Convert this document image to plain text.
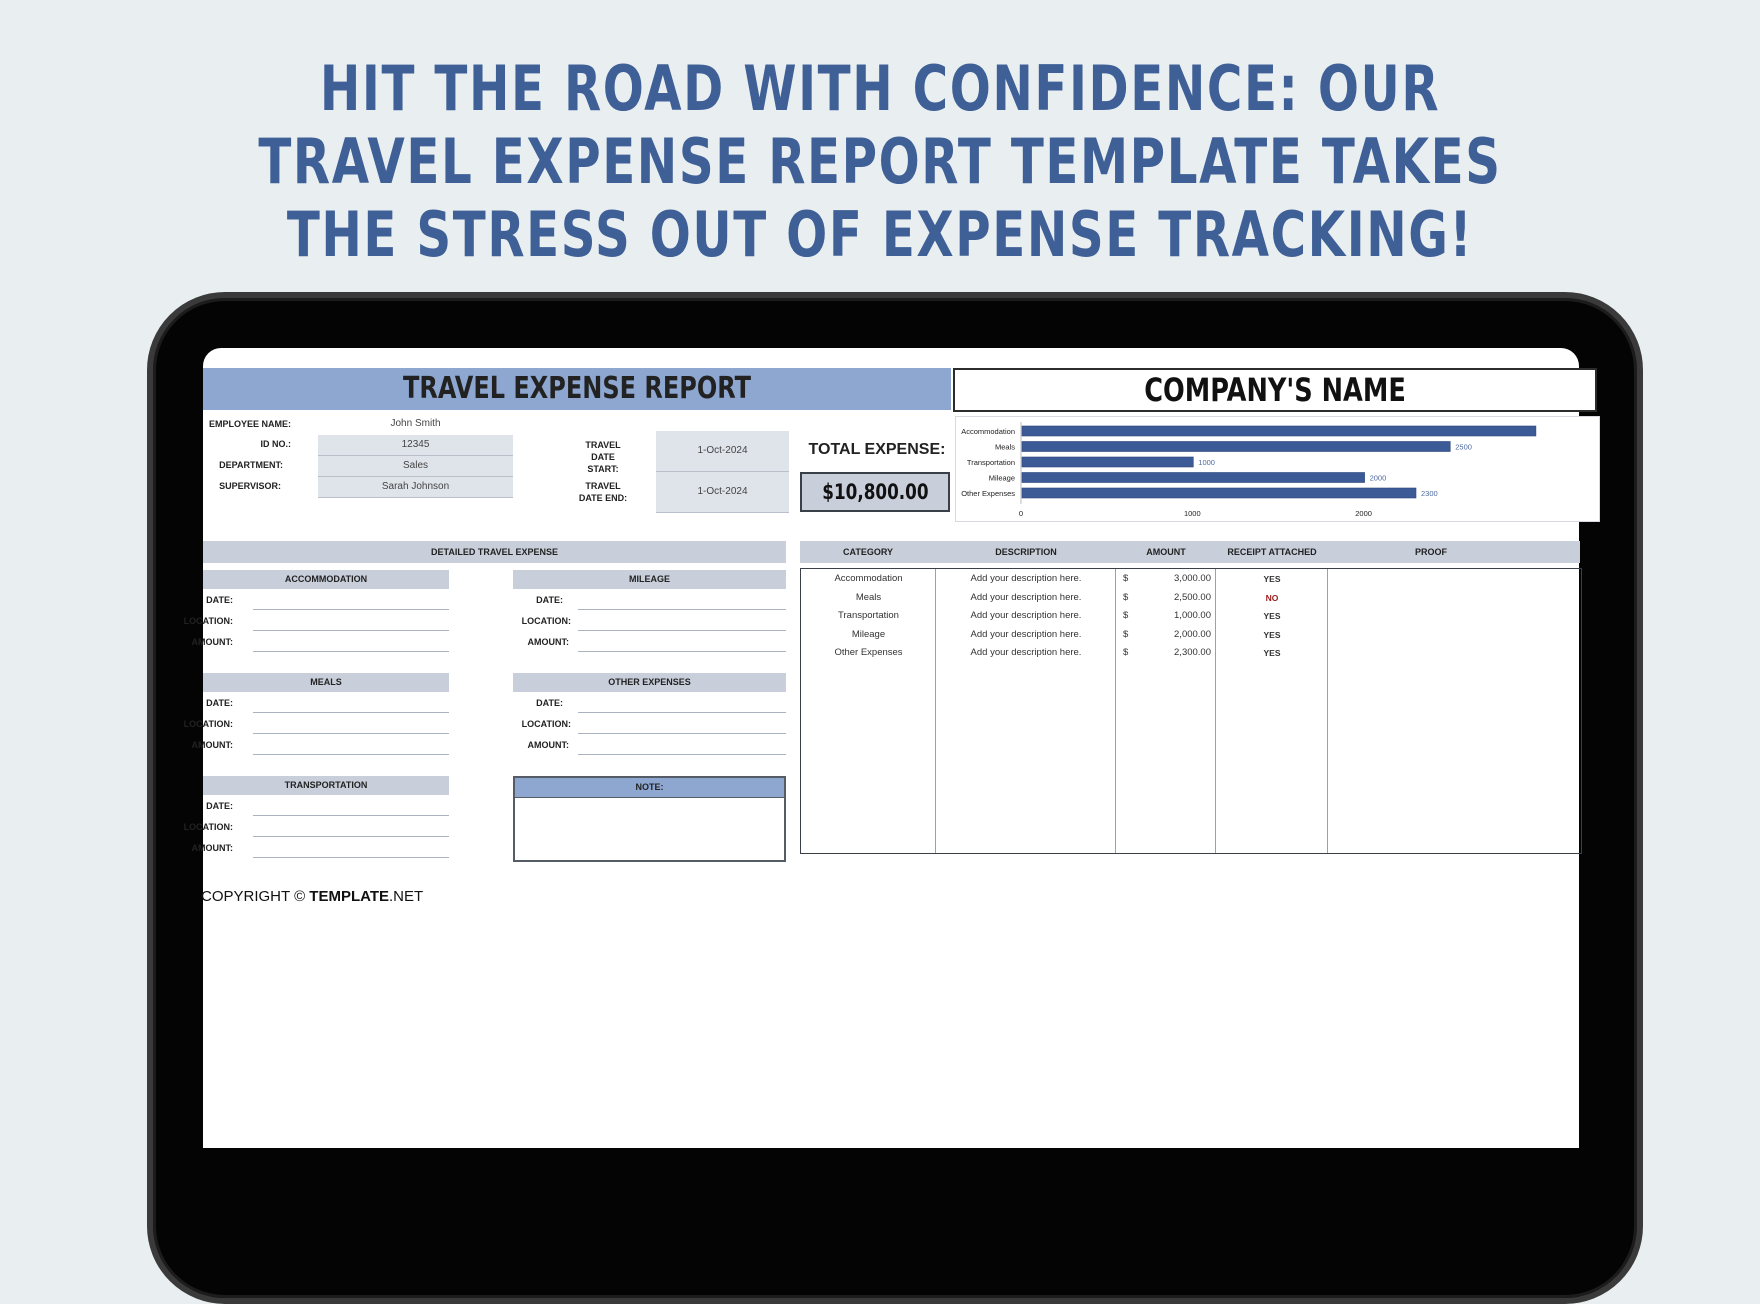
HIT THE ROAD WITH CONFIDENCE: OUR
TRAVEL EXPENSE REPORT TEMPLATE TAKES
THE STRESS OUT OF EXPENSE TRACKING!
TRAVEL EXPENSE REPORT	COMPANY'S NAME
EMPLOYEE NAME:	John Smith
ID NO.:	12345
DEPARTMENT:	Sales
SUPERVISOR:	Sarah Johnson
TRAVEL DATE START:
1-Oct-2024
TRAVEL DATE END:
1-Oct-2024
TOTAL EXPENSE:
$10,800.00
Accommodation
Meals	2500
Transportation	1000
Mileage	2000
Other Expenses	2300
0	1000	2000
DETAILED TRAVEL EXPENSE
ACCOMMODATION
DATE:
LOCATION:
AMOUNT:
MILEAGE
DATE:
LOCATION:
AMOUNT:
MEALS
DATE:
LOCATION:
AMOUNT:
OTHER EXPENSES
DATE:
LOCATION:
AMOUNT:
TRANSPORTATION
DATE:
LOCATION:
AMOUNT:
NOTE:
COPYRIGHT © TEMPLATE.NET
CATEGORY	DESCRIPTION	AMOUNT	RECEIPT ATTACHED	PROOF
Accommodation	Add your description here.	$	3,000.00	YES
Meals	Add your description here.	$	2,500.00	NO
Transportation	Add your description here.	$	1,000.00	YES
Mileage	Add your description here.	$	2,000.00	YES
Other Expenses	Add your description here.	$	2,300.00	YES
